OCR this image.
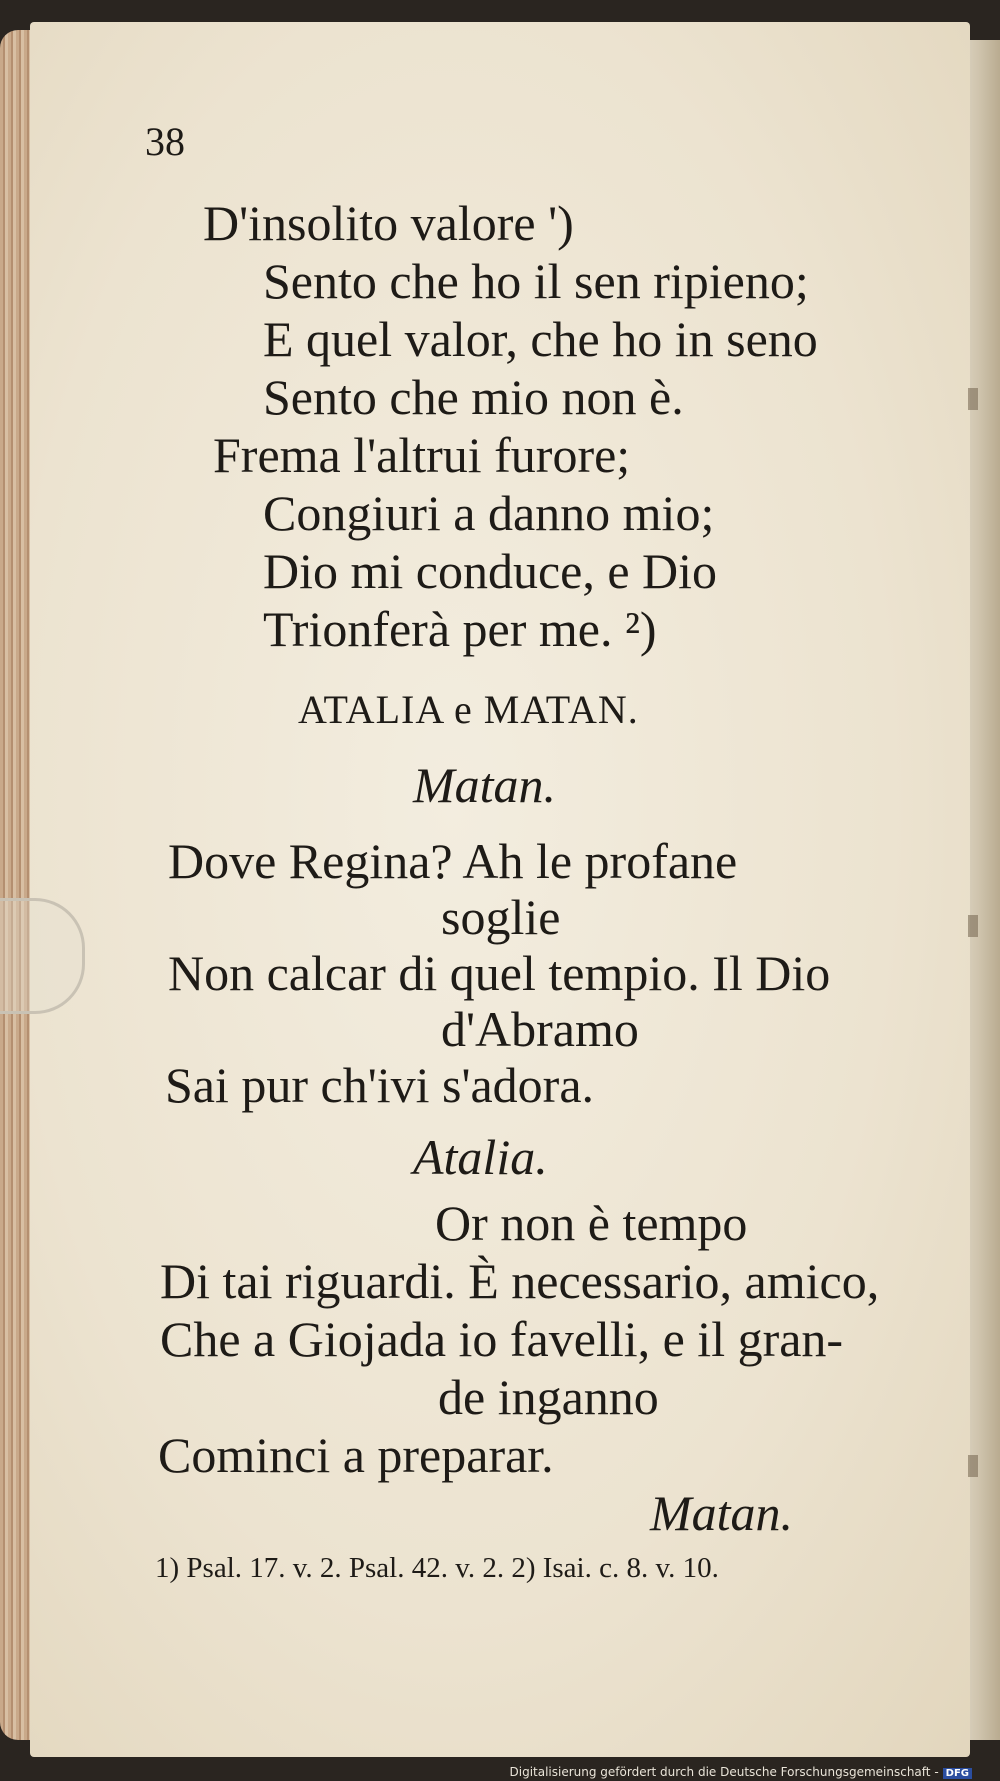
38
D'insolito valore ')
Sento che ho il sen ripieno;
E quel valor, che ho in seno
Sento che mio non è.
Frema l'altrui furore;
Congiuri a danno mio;
Dio mi conduce, e Dio
Trionferà per me. ²)
ATALIA e MATAN.
Matan.
Dove Regina? Ah le profane
soglie
Non calcar di quel tempio. Il Dio
d'Abramo
Sai pur ch'ivi s'adora.
Atalia.
Or non è tempo
Di tai riguardi. È necessario, amico,
Che a Giojada io favelli, e il gran-
de inganno
Cominci a preparar.
Matan.
1) Psal. 17. v. 2. Psal. 42. v. 2. 2) Isai. c. 8. v. 10.
Digitalisierung gefördert durch die Deutsche Forschungsgemeinschaft - DFG
